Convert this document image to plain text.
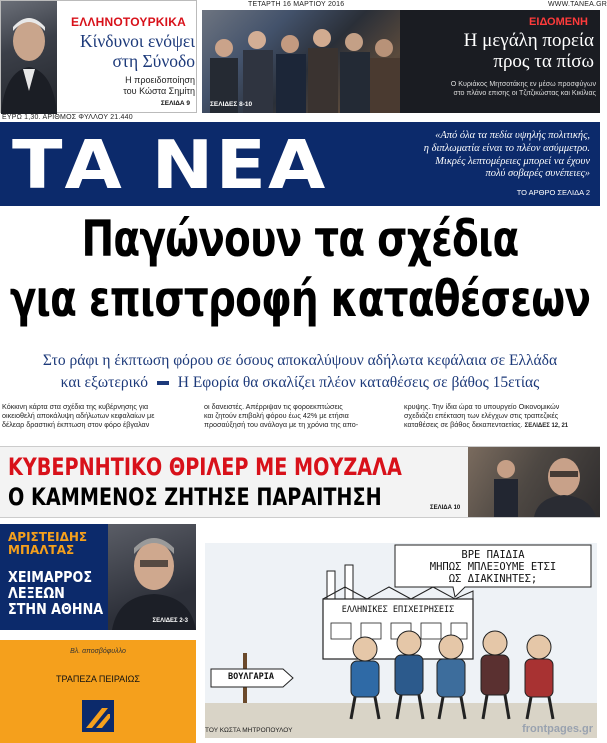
ΕΛΛΗΝΟΤΟΥΡΚΙΚΑ
Κίνδυνοι ενόψει
στη Σύνοδο
Η προειδοποίηση
του Κώστα Σημίτη
ΣΕΛΙΔΑ 9	ΣΕΛΙΔΕΣ 8-10
ΕΙΔΟΜΕΝΗ
Η μεγάλη πορεία
προς τα πίσω
Ο Κυριάκος Μητσοτάκης εν μέσω προσφύγων
στο πλάνο επισης οι Τζιτζικώστας και Κικίλιας
ΕΥΡΩ 1,30. ΑΡΙΘΜΟΣ ΦΥΛΛΟΥ 21.440
ΤΕΤΑΡΤΗ 16 ΜΑΡΤΙΟΥ 2016	WWW.TANEA.GR
ΤΑ ΝΕΑ	«Από όλα τα πεδία υψηλής πολιτικής,
η διπλωματία είναι το πλέον ασύμμετρο.
Μικρές λεπτομέρειες μπορεί να έχουν
πολύ σοβαρές συνέπειες»
ΤΟ ΑΡΘΡΟ ΣΕΛΙΔΑ 2
Παγώνουν τα σχέδια
για επιστροφή καταθέσεων
Στο ράφι η έκπτωση φόρου σε όσους αποκαλύψουν αδήλωτα κεφάλαια σε Ελλάδα
και εξωτερικό Η Εφορία θα σκαλίζει πλέον καταθέσεις σε βάθος 15ετίας
Κόκκινη κάρτα στα σχέδια της κυβέρνησης για
οικειοθελή αποκάλυψη αδήλωτων κεφαλαίων με
δέλεαρ δραστική έκπτωση στον φόρο έβγαλαν
οι δανειστές. Απέρριψαν τις φοροεκπτώσεις
και ζητούν επιβολή φόρου έως 42% με ετήσια
προσαύξησή του ανάλογα με τη χρόνια της απο-
κρυψης. Την ίδια ώρα το υπουργείο Οικονομικών
σχεδιάζει επέκταση των ελέγχων στις τραπεζικές
καταθέσεις σε βάθος δεκαπενταετίας. ΣΕΛΙΔΕΣ 12, 21
ΚΥΒΕΡΝΗΤΙΚΟ ΘΡΙΛΕΡ ΜΕ ΜΟΥΖΑΛΑ
Ο ΚΑΜΜΕΝΟΣ ΖΗΤΗΣΕ ΠΑΡΑΙΤΗΣΗ	ΣΕΛΙΔΑ 10
ΑΡΙΣΤΕΙΔΗΣ
ΜΠΑΛΤΑΣ
ΧΕΙΜΑΡΡΟΣ
ΛΕΞΕΩΝ
ΣΤΗΝ ΑΘΗΝΑ
ΣΕΛΙΔΕΣ 2-3
Βλ. αποσβόφυλλο
ΤΡΑΠΕΖΑ ΠΕΙΡΑΙΩΣ
ΒΡΕ ΠΑΙΔΙΑ
ΜΗΠΩΣ ΜΠΛΕΞΟΥΜΕ ΕΤΣΙ
ΩΣ ΔΙΑΚΙΝΗΤΕΣ;
ΕΛΛΗΝΙΚΕΣ ΕΠΙΧΕΙΡΗΣΕΙΣ
ΒΟΥΛΓΑΡΙΑ
ΤΟΥ ΚΩΣΤΑ ΜΗΤΡΟΠΟΥΛΟΥ	frontpages.gr
